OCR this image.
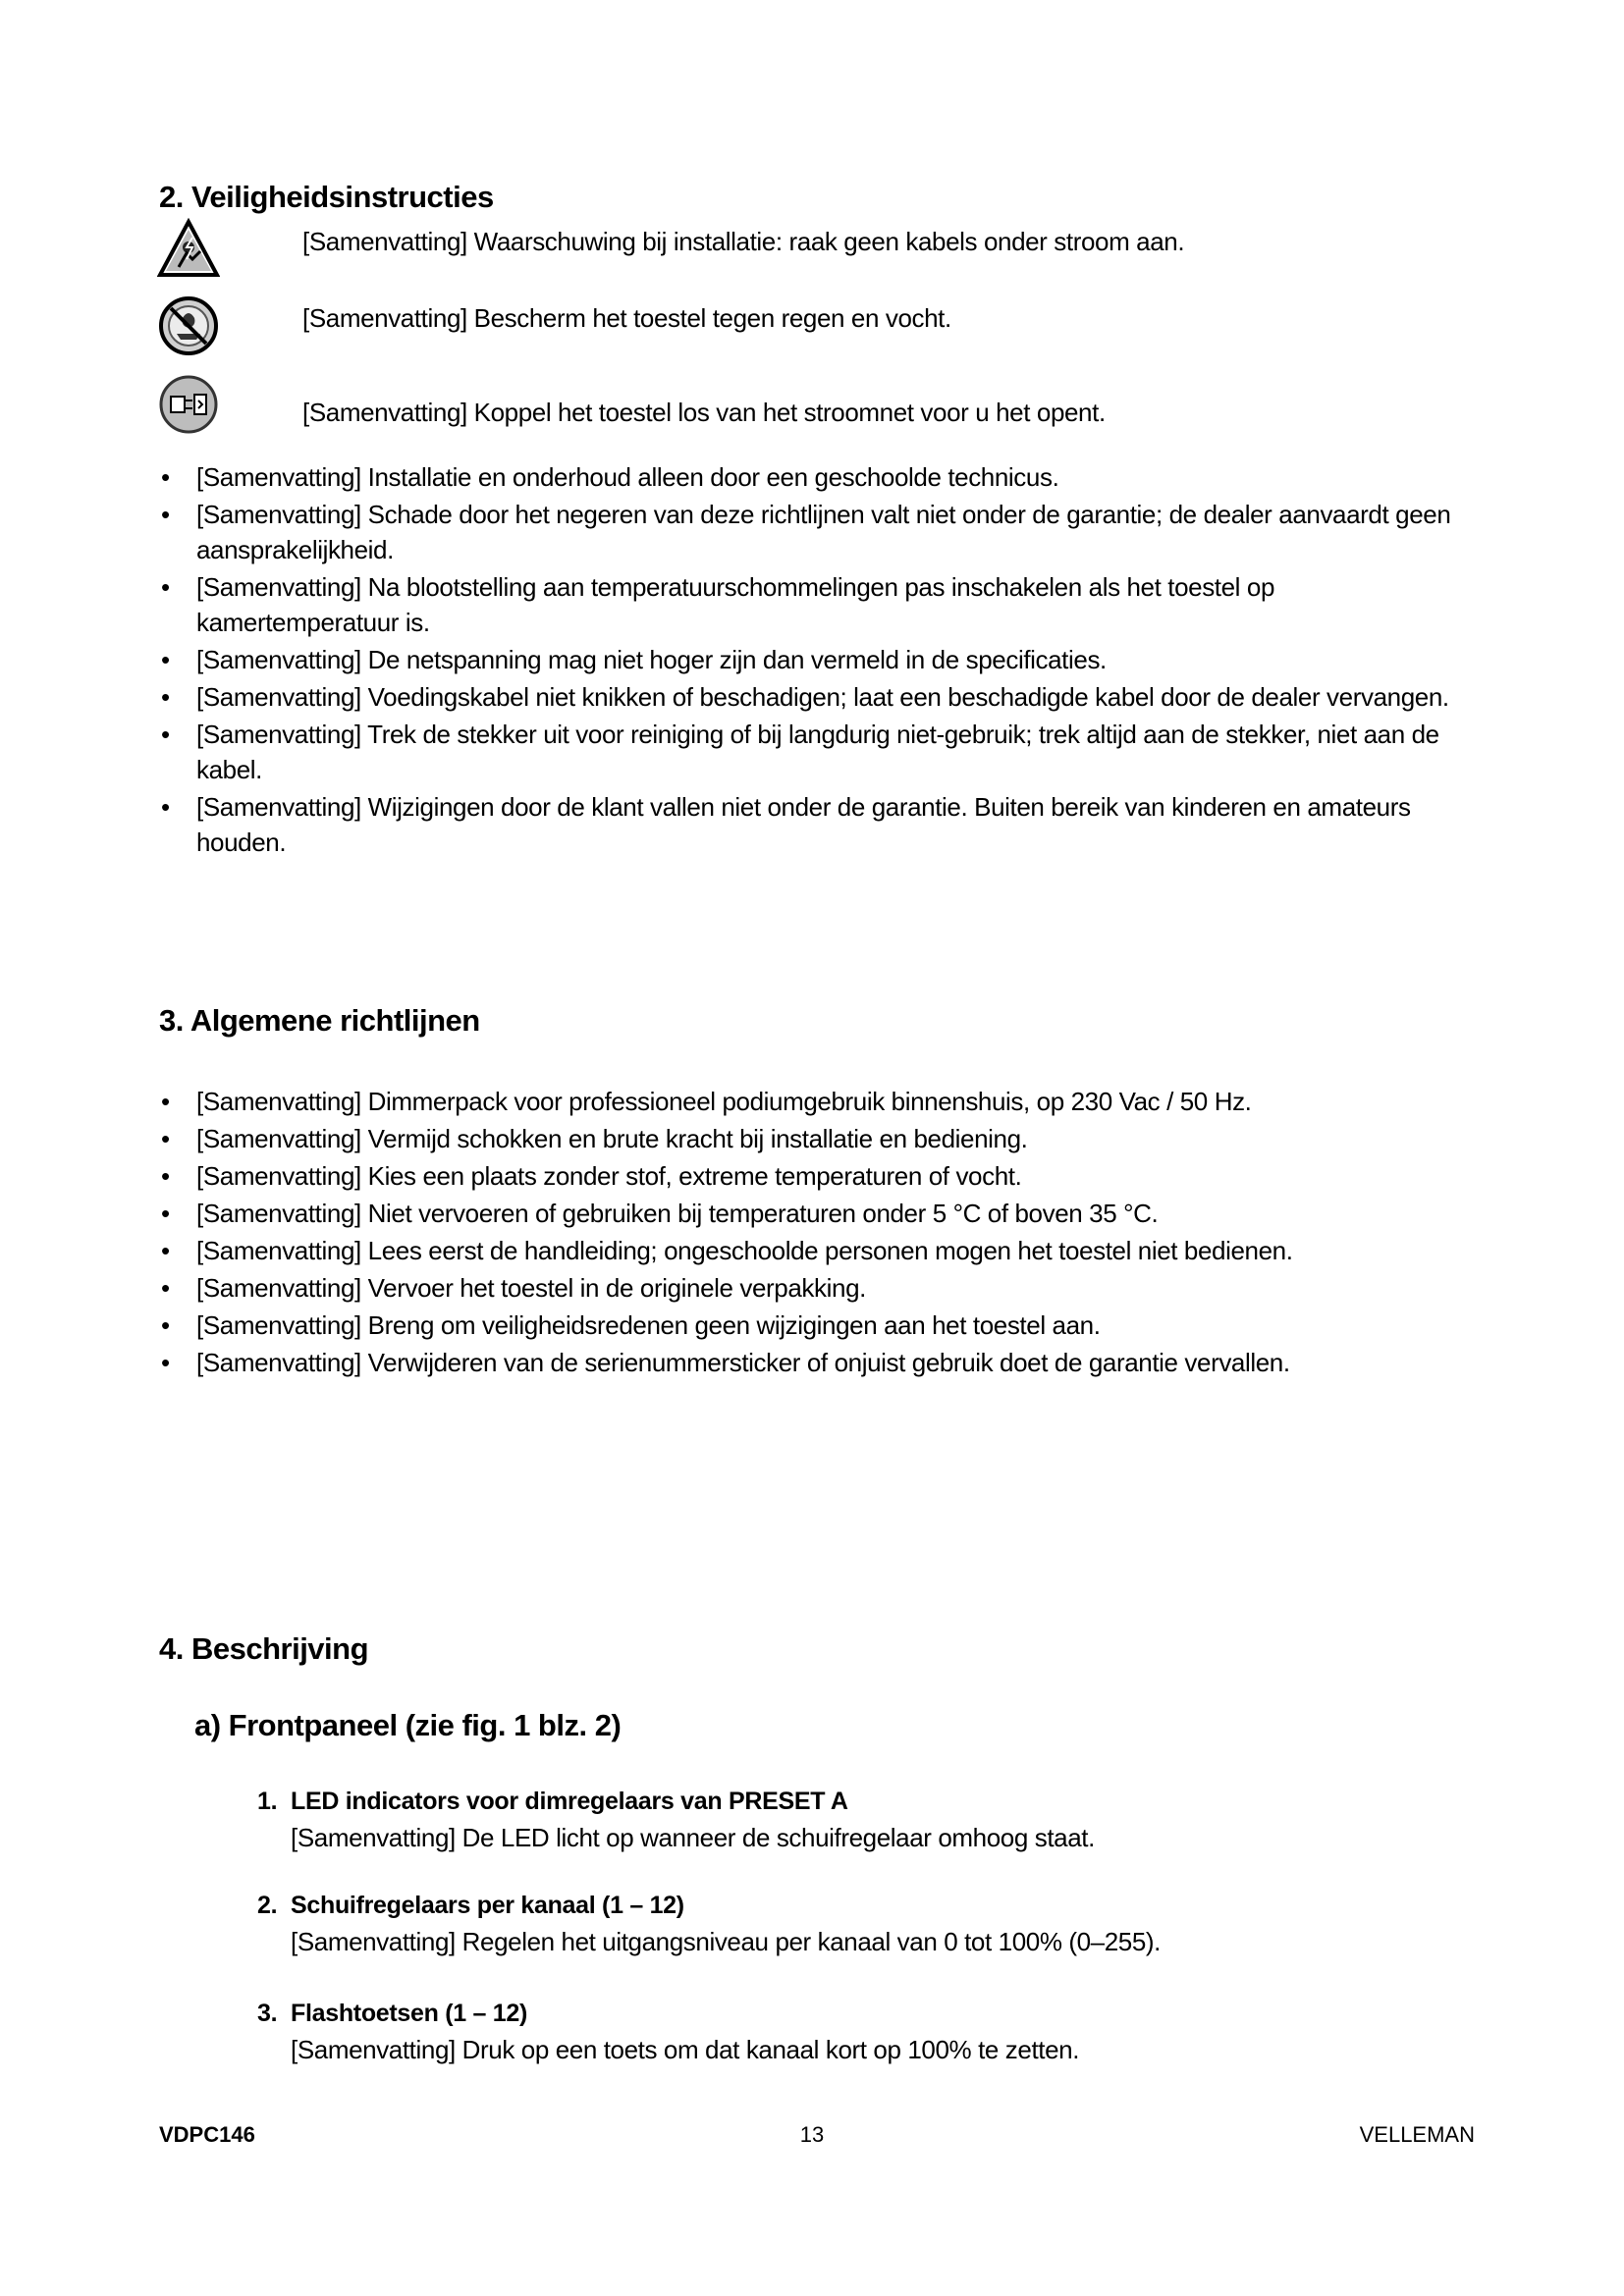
2. Veiligheidsinstructies
[Samenvatting] Waarschuwing bij installatie: raak geen kabels onder stroom aan.
[Samenvatting] Bescherm het toestel tegen regen en vocht.
[Samenvatting] Koppel het toestel los van het stroomnet voor u het opent.
• [Samenvatting] Installatie en onderhoud alleen door een geschoolde technicus.
• [Samenvatting] Schade door het negeren van deze richtlijnen valt niet onder de garantie; de dealer aanvaardt geen aansprakelijkheid.
• [Samenvatting] Na blootstelling aan temperatuurschommelingen pas inschakelen als het toestel op kamertemperatuur is.
• [Samenvatting] De netspanning mag niet hoger zijn dan vermeld in de specificaties.
• [Samenvatting] Voedingskabel niet knikken of beschadigen; laat een beschadigde kabel door de dealer vervangen.
• [Samenvatting] Trek de stekker uit voor reiniging of bij langdurig niet-gebruik; trek altijd aan de stekker, niet aan de kabel.
• [Samenvatting] Wijzigingen door de klant vallen niet onder de garantie. Buiten bereik van kinderen en amateurs houden.
3. Algemene richtlijnen
• [Samenvatting] Dimmerpack voor professioneel podiumgebruik binnenshuis, op 230 Vac / 50 Hz.
• [Samenvatting] Vermijd schokken en brute kracht bij installatie en bediening.
• [Samenvatting] Kies een plaats zonder stof, extreme temperaturen of vocht.
• [Samenvatting] Niet vervoeren of gebruiken bij temperaturen onder 5 °C of boven 35 °C.
• [Samenvatting] Lees eerst de handleiding; ongeschoolde personen mogen het toestel niet bedienen.
• [Samenvatting] Vervoer het toestel in de originele verpakking.
• [Samenvatting] Breng om veiligheidsredenen geen wijzigingen aan het toestel aan.
• [Samenvatting] Verwijderen van de serienummersticker of onjuist gebruik doet de garantie vervallen.
4. Beschrijving
a) Frontpaneel (zie fig. 1 blz. 2)
1. LED indicators voor dimregelaars van PRESET A
[Samenvatting] De LED licht op wanneer de schuifregelaar omhoog staat.
2. Schuifregelaars per kanaal (1 – 12)
[Samenvatting] Regelen het uitgangsniveau per kanaal van 0 tot 100% (0–255).
3. Flashtoetsen (1 – 12)
[Samenvatting] Druk op een toets om dat kanaal kort op 100% te zetten.
VDPC146	13	VELLEMAN
